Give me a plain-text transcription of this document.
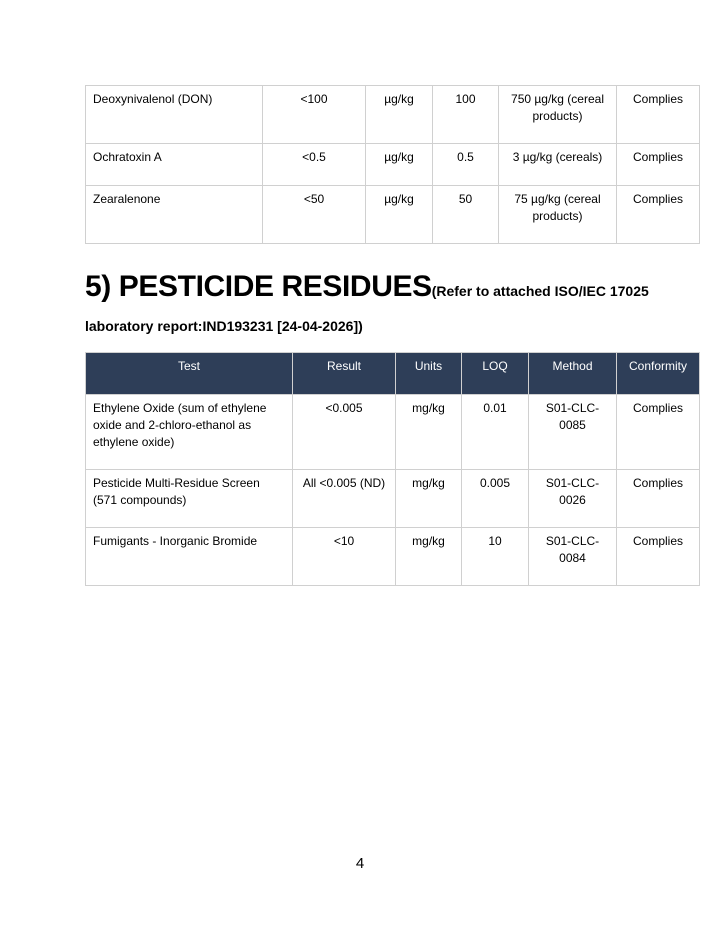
Deoxynivalenol (DON)	<100	µg/kg	100	750 µg/kg (cereal products)	Complies
Ochratoxin A	<0.5	µg/kg	0.5	3 µg/kg (cereals)	Complies
Zearalenone	<50	µg/kg	50	75 µg/kg (cereal products)	Complies
5) PESTICIDE RESIDUES(Refer to attached ISO/IEC 17025
laboratory report:IND193231 [24-04-2026])
Test	Result	Units	LOQ	Method	Conformity
Ethylene Oxide (sum of ethylene oxide and 2-chloro-ethanol as ethylene oxide)	<0.005	mg/kg	0.01	S01-CLC-0085	Complies
Pesticide Multi-Residue Screen (571 compounds)	All <0.005 (ND)	mg/kg	0.005	S01-CLC-0026	Complies
Fumigants - Inorganic Bromide	<10	mg/kg	10	S01-CLC-0084	Complies
4
